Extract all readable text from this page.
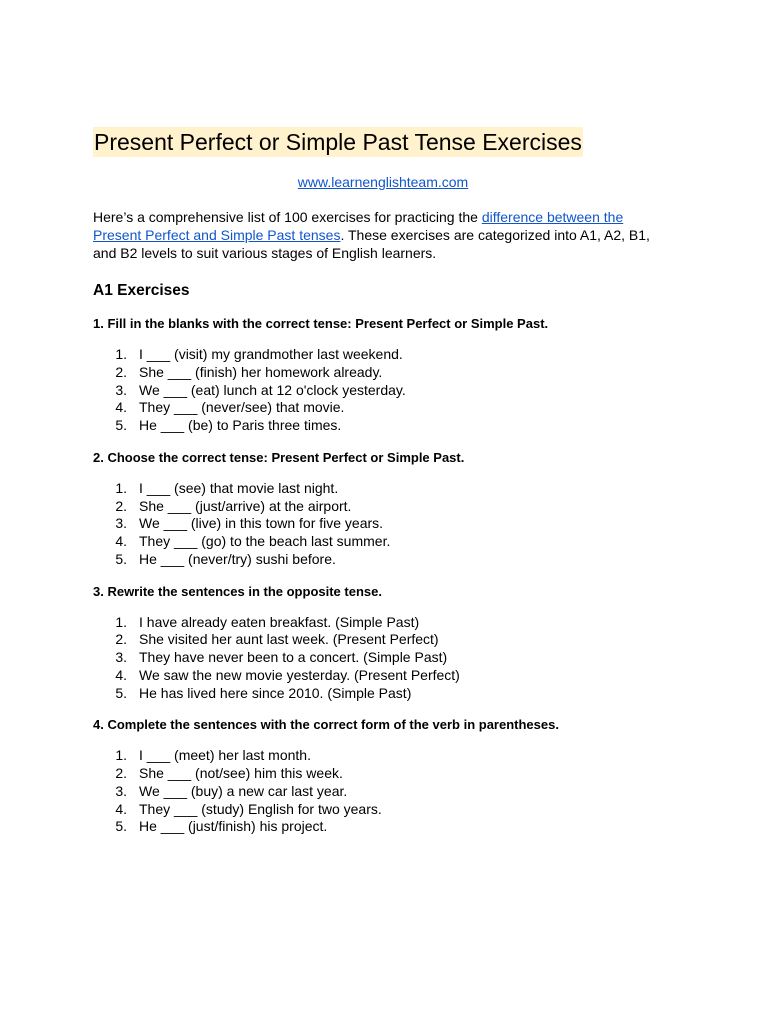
Present Perfect or Simple Past Tense Exercises
www.learnenglishteam.com

Here’s a comprehensive list of 100 exercises for practicing the difference between the Present Perfect and Simple Past tenses. These exercises are categorized into A1, A2, B1, and B2 levels to suit various stages of English learners.

A1 Exercises

1. Fill in the blanks with the correct tense: Present Perfect or Simple Past.

1. I ___ (visit) my grandmother last weekend.
2. She ___ (finish) her homework already.
3. We ___ (eat) lunch at 12 o'clock yesterday.
4. They ___ (never/see) that movie.
5. He ___ (be) to Paris three times.

2. Choose the correct tense: Present Perfect or Simple Past.

1. I ___ (see) that movie last night.
2. She ___ (just/arrive) at the airport.
3. We ___ (live) in this town for five years.
4. They ___ (go) to the beach last summer.
5. He ___ (never/try) sushi before.

3. Rewrite the sentences in the opposite tense.

1. I have already eaten breakfast. (Simple Past)
2. She visited her aunt last week. (Present Perfect)
3. They have never been to a concert. (Simple Past)
4. We saw the new movie yesterday. (Present Perfect)
5. He has lived here since 2010. (Simple Past)

4. Complete the sentences with the correct form of the verb in parentheses.

1. I ___ (meet) her last month.
2. She ___ (not/see) him this week.
3. We ___ (buy) a new car last year.
4. They ___ (study) English for two years.
5. He ___ (just/finish) his project.
